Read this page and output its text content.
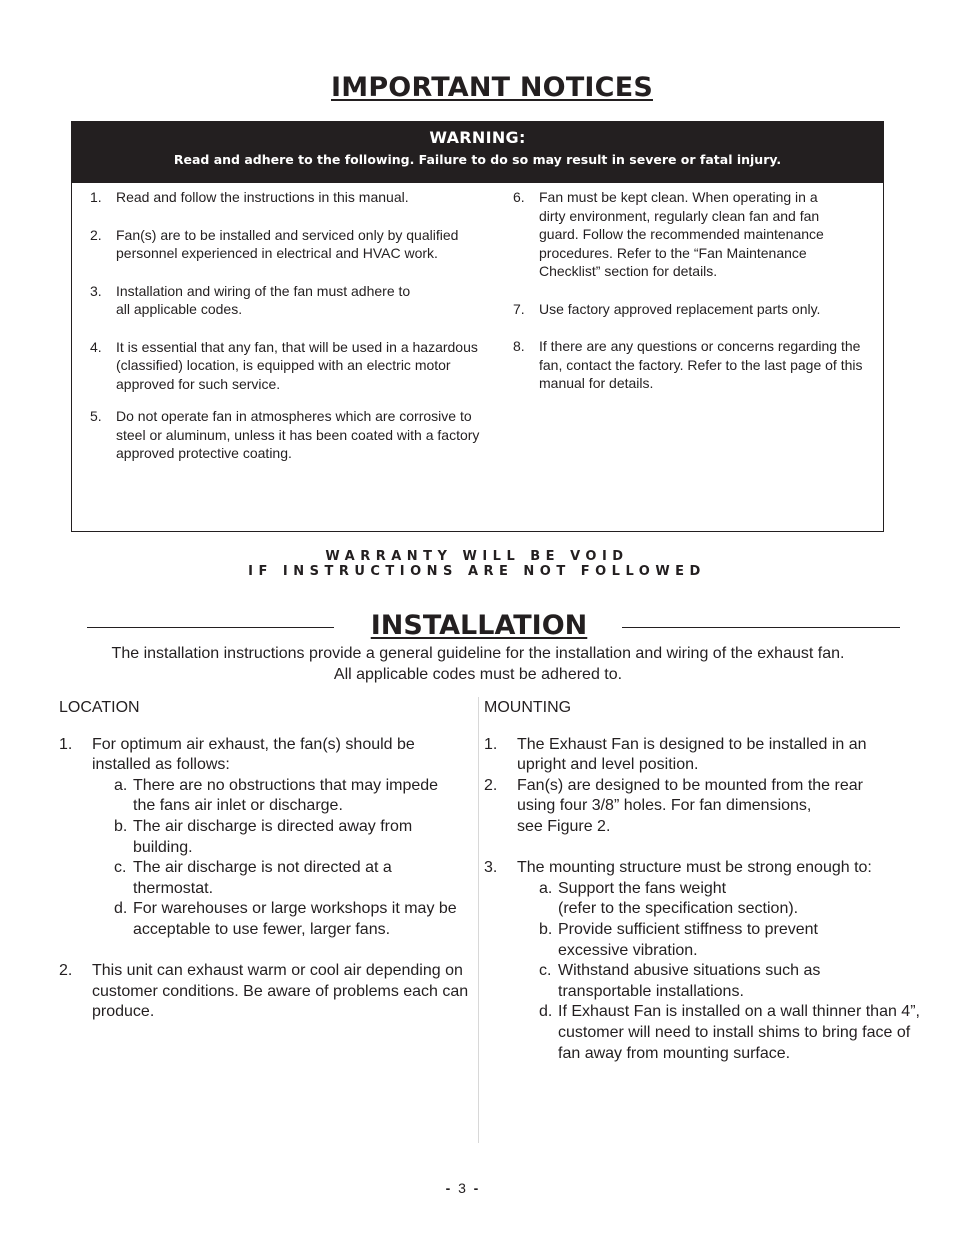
IMPORTANT NOTICES
WARNING:
Read and adhere to the following. Failure to do so may result in severe or fatal injury.
1. Read and follow the instructions in this manual.
2. Fan(s) are to be installed and serviced only by qualified personnel experienced in electrical and HVAC work.
3. Installation and wiring of the fan must adhere to all applicable codes.
4. It is essential that any fan, that will be used in a hazardous (classified) location, is equipped with an electric motor approved for such service.
5. Do not operate fan in atmospheres which are corrosive to steel or aluminum, unless it has been coated with a factory approved protective coating.
6. Fan must be kept clean. When operating in a dirty environment, regularly clean fan and fan guard. Follow the recommended maintenance procedures. Refer to the “Fan Maintenance Checklist” section for details.
7. Use factory approved replacement parts only.
8. If there are any questions or concerns regarding the fan, contact the factory. Refer to the last page of this manual for details.
WARRANTY WILL BE VOID
IF INSTRUCTIONS ARE NOT FOLLOWED
INSTALLATION
The installation instructions provide a general guideline for the installation and wiring of the exhaust fan.
All applicable codes must be adhered to.
LOCATION
1. For optimum air exhaust, the fan(s) should be installed as follows:
a. There are no obstructions that may impede the fans air inlet or discharge.
b. The air discharge is directed away from building.
c. The air discharge is not directed at a thermostat.
d. For warehouses or large workshops it may be acceptable to use fewer, larger fans.
2. This unit can exhaust warm or cool air depending on customer conditions. Be aware of problems each can produce.
MOUNTING
1. The Exhaust Fan is designed to be installed in an upright and level position.
2. Fan(s) are designed to be mounted from the rear using four 3/8” holes. For fan dimensions,
see Figure 2.
3. The mounting structure must be strong enough to:
a. Support the fans weight
(refer to the specification section).
b. Provide sufficient stiffness to prevent excessive vibration.
c. Withstand abusive situations such as transportable installations.
d. If Exhaust Fan is installed on a wall thinner than 4”, customer will need to install shims to bring face of fan away from mounting surface.
- 3 -
